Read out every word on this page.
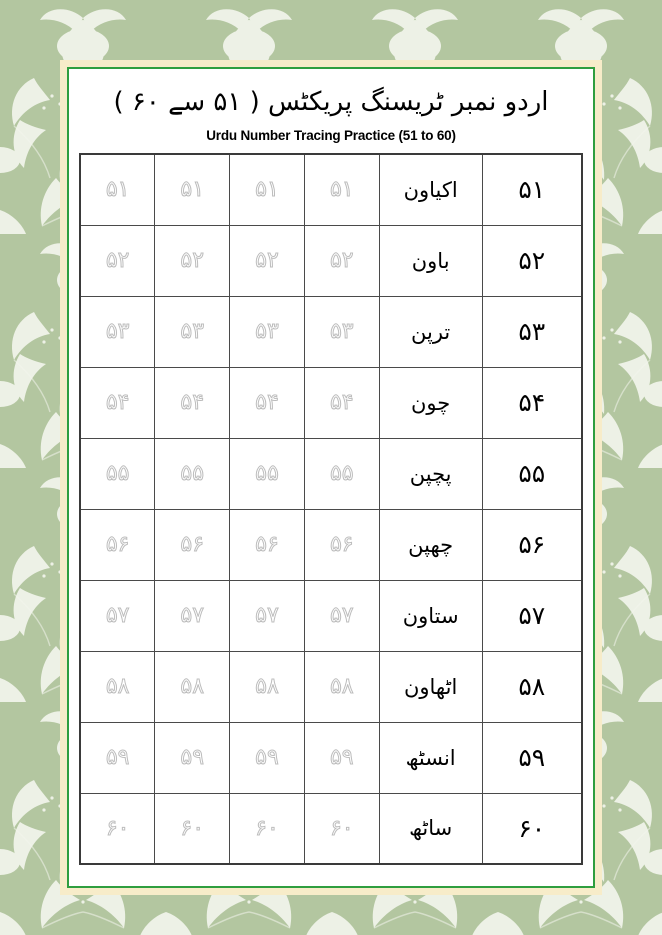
اردو نمبر ٹریسنگ پریکٹس ( ۵۱ سے ۶۰ )
Urdu Number Tracing Practice (51 to 60)
۵۱	۵۱	۵۱	۵۱	اکیاون	۵۱
۵۲	۵۲	۵۲	۵۲	باون	۵۲
۵۳	۵۳	۵۳	۵۳	ترپن	۵۳
۵۴	۵۴	۵۴	۵۴	چون	۵۴
۵۵	۵۵	۵۵	۵۵	پچپن	۵۵
۵۶	۵۶	۵۶	۵۶	چھپن	۵۶
۵۷	۵۷	۵۷	۵۷	ستاون	۵۷
۵۸	۵۸	۵۸	۵۸	اٹھاون	۵۸
۵۹	۵۹	۵۹	۵۹	انسٹھ	۵۹
۶۰	۶۰	۶۰	۶۰	ساٹھ	۶۰
